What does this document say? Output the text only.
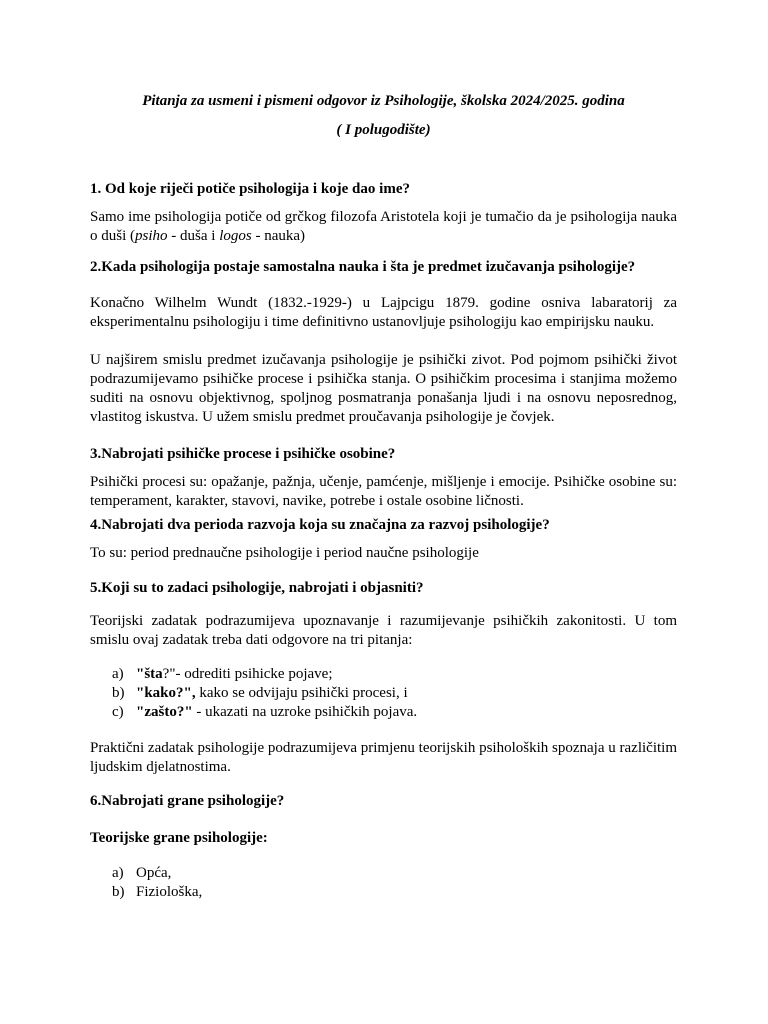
Pitanja za usmeni i pismeni odgovor iz Psihologije, školska 2024/2025. godina

( I polugodište)

1. Od koje riječi potiče psihologija i koje dao ime?

Samo ime psihologija potiče od grčkog filozofa Aristotela koji je tumačio da je psihologija nauka o duši (psiho - duša i logos - nauka)

2.Kada psihologija postaje samostalna nauka i šta je predmet izučavanja psihologije?

Konačno Wilhelm Wundt (1832.-1929-) u Lajpcigu 1879. godine osniva labaratorij za eksperimentalnu psihologiju i time definitivno ustanovljuje psihologiju kao empirijsku nauku.

U najširem smislu predmet izučavanja psihologije je psihički zivot. Pod pojmom psihički život podrazumijevamo psihičke procese i psihička stanja. O psihičkim procesima i stanjima možemo suditi na osnovu objektivnog, spoljnog posmatranja ponašanja ljudi i na osnovu neposrednog, vlastitog iskustva. U užem smislu predmet proučavanja psihologije je čovjek.

3.Nabrojati psihičke procese i psihičke osobine?

Psihički procesi su: opažanje, pažnja, učenje, pamćenje, mišljenje i emocije. Psihičke osobine su: temperament, karakter, stavovi, navike, potrebe i ostale osobine ličnosti.

4.Nabrojati dva perioda razvoja koja su značajna za razvoj psihologije?

To su: period prednaučne psihologije i period naučne psihologije

5.Koji su to zadaci psihologije, nabrojati i objasniti?

Teorijski zadatak podrazumijeva upoznavanje i razumijevanje psihičkih zakonitosti. U tom smislu ovaj zadatak treba dati odgovore na tri pitanja:

a) "šta?"- odrediti psihicke pojave;
b) "kako?", kako se odvijaju psihički procesi, i
c) "zašto?" - ukazati na uzroke psihičkih pojava.

Praktični zadatak psihologije podrazumijeva primjenu teorijskih psiholoških spoznaja u različitim ljudskim djelatnostima.

6.Nabrojati grane psihologije?

Teorijske grane psihologije:

a) Opća,
b) Fiziološka,
